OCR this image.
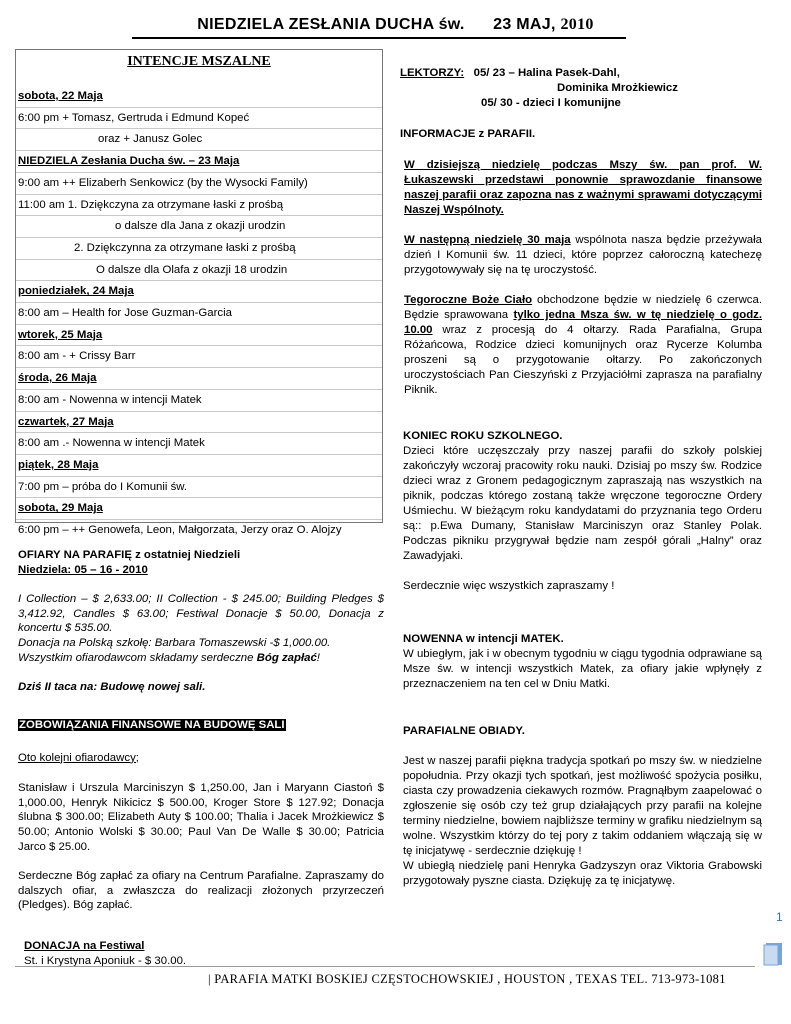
NIEDZIELA ZESŁANIA DUCHA św. 23 MAJ, 2010
INTENCJE MSZALNE
sobota, 22 Maja
6:00 pm + Tomasz, Gertruda i Edmund Kopeć
oraz + Janusz Golec
NIEDZIELA Zesłania Ducha św. – 23 Maja
9:00 am ++ Elizaberh Senkowicz (by the Wysocki Family)
11:00 am 1. Dziękczyna za otrzymane łaski z prośbą
o dalsze dla Jana z okazji urodzin
2. Dziękczynna za otrzymane łaski z prośbą
O dalsze dla Olafa z okazji 18 urodzin
poniedziałek, 24 Maja
8:00 am – Health for Jose Guzman-Garcia
wtorek, 25 Maja
8:00 am - + Crissy Barr
środa, 26 Maja
8:00 am - Nowenna w intencji Matek
czwartek, 27 Maja
8:00 am .- Nowenna w intencji Matek
piątek, 28 Maja
7:00 pm – próba do I Komunii św.
sobota, 29 Maja
6:00 pm – ++ Genowefa, Leon, Małgorzata, Jerzy oraz O. Alojzy

OFIARY NA PARAFIĘ z ostatniej Niedzieli

Niedziela: 05 – 16 - 2010

I Collection – $ 2,633.00; II Collection - $ 245.00; Building Pledges $ 3,412.92, Candles $ 63.00; Festiwal Donacje $ 50.00, Donacja z koncertu $ 535.00.

Donacja na Polską szkołę: Barbara Tomaszewski -$ 1,000.00.

Wszystkim ofiarodawcom składamy serdeczne Bóg zapłać!

Dziś II taca na: Budowę nowej sali.

ZOBOWIĄZANIA FINANSOWE NA BUDOWĘ SALI

Oto kolejni ofiarodawcy;

Stanisław i Urszula Marciniszyn $ 1,250.00, Jan i Maryann Ciastoń $ 1,000.00, Henryk Nikicicz $ 500.00, Kroger Store $ 127.92; Donacja ślubna $ 300.00; Elizabeth Auty $ 100.00; Thalia i Jacek Mrożkiewicz $ 50.00; Antonio Wolski $ 30.00; Paul Van De Walle $ 30.00; Patricia Jarco $ 25.00.

Serdeczne Bóg zapłać za ofiary na Centrum Parafialne. Zapraszamy do dalszych ofiar, a zwłaszcza do realizacji złożonych przyrzeczeń (Pledges). Bóg zapłać.

DONACJA na Festiwal

St. i Krystyna Aponiuk - $ 30.00.

LEKTORZY: 05/ 23 – Halina Pasek-Dahl,
Dominika Mrożkiewicz
05/ 30 - dzieci I komunijne

INFORMACJE z PARAFII.

W dzisiejszą niedzielę podczas Mszy św. pan prof. W. Łukaszewski przedstawi ponownie sprawozdanie finansowe naszej parafii oraz zapozna nas z ważnymi sprawami dotyczącymi Naszej Wspólnoty.

W następną niedzielę 30 maja wspólnota nasza będzie przeżywała dzień I Komunii św. 11 dzieci, które poprzez całoroczną katechezę przygotowywały się na tę uroczystość.

Tegoroczne Boże Ciało obchodzone będzie w niedzielę 6 czerwca. Będzie sprawowana tylko jedna Msza św. w tę niedzielę o godz. 10.00 wraz z procesją do 4 ołtarzy. Rada Parafialna, Grupa Różańcowa, Rodzice dzieci komunijnych oraz Rycerze Kolumba proszeni są o przygotowanie ołtarzy. Po zakończonych uroczystościach Pan Cieszyński z Przyjaciółmi zaprasza na parafialny Piknik.

KONIEC ROKU SZKOLNEGO.

Dzieci które uczęszczały przy naszej parafii do szkoły polskiej zakończyły wczoraj pracowity roku nauki. Dzisiaj po mszy św. Rodzice dzieci wraz z Gronem pedagogicznym zapraszają nas wszystkich na piknik, podczas którego zostaną także wręczone tegoroczne Ordery Uśmiechu. W bieżącym roku kandydatami do przyznania tego Orderu są:: p.Ewa Dumany, Stanisław Marciniszyn oraz Stanley Polak. Podczas pikniku przygrywał będzie nam zespół górali „Halny” oraz Zawadyjaki.

Serdecznie więc wszystkich zapraszamy !

NOWENNA w intencji MATEK.

W ubiegłym, jak i w obecnym tygodniu w ciągu tygodnia odprawiane są Msze św. w intencji wszystkich Matek, za ofiary jakie wpłynęły z przeznaczeniem na ten cel w Dniu Matki.

PARAFIALNE OBIADY.

Jest w naszej parafii piękna tradycja spotkań po mszy św. w niedzielne popołudnia. Przy okazji tych spotkań, jest możliwość spożycia posiłku, ciasta czy prowadzenia ciekawych rozmów. Pragnąłbym zaapelować o zgłoszenie się osób czy też grup działających przy parafii na kolejne terminy niedzielne, bowiem najbliższe terminy w grafiku niedzielnym są wolne. Wszystkim którzy do tej pory z takim oddaniem włączają się w tę inicjatywę - serdecznie dziękuję !

W ubiegłą niedzielę pani Henryka Gadzyszyn oraz Viktoria Grabowski przygotowały pyszne ciasta. Dziękuję za tę inicjatywę.

1
| PARAFIA MATKI BOSKIEJ CZĘSTOCHOWSKIEJ , HOUSTON , TEXAS TEL. 713-973-1081
